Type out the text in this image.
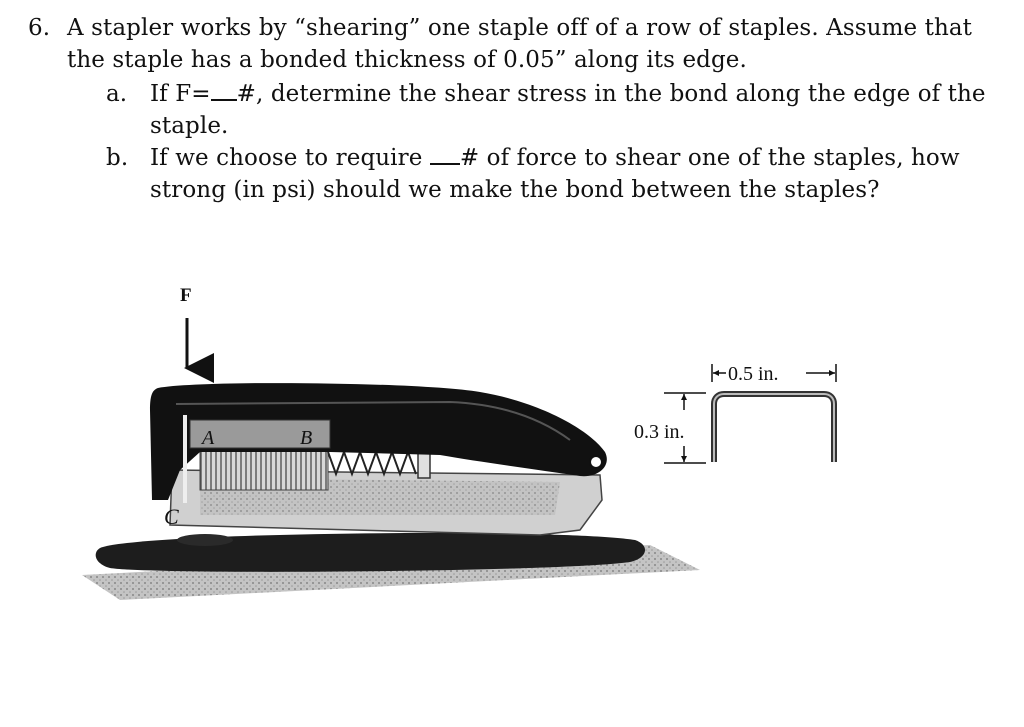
6. A stapler works by “shearing” one staple off of a row of staples. Assume that
the staple has a bonded thickness of 0.05” along its edge.
a. If F= #, determine the shear stress in the bond along the edge of the
staple.
b. If we choose to require # of force to shear one of the staples, how
strong (in psi) should we make the bond between the staples?
F
A	B
C
0.5 in.
0.3 in.
